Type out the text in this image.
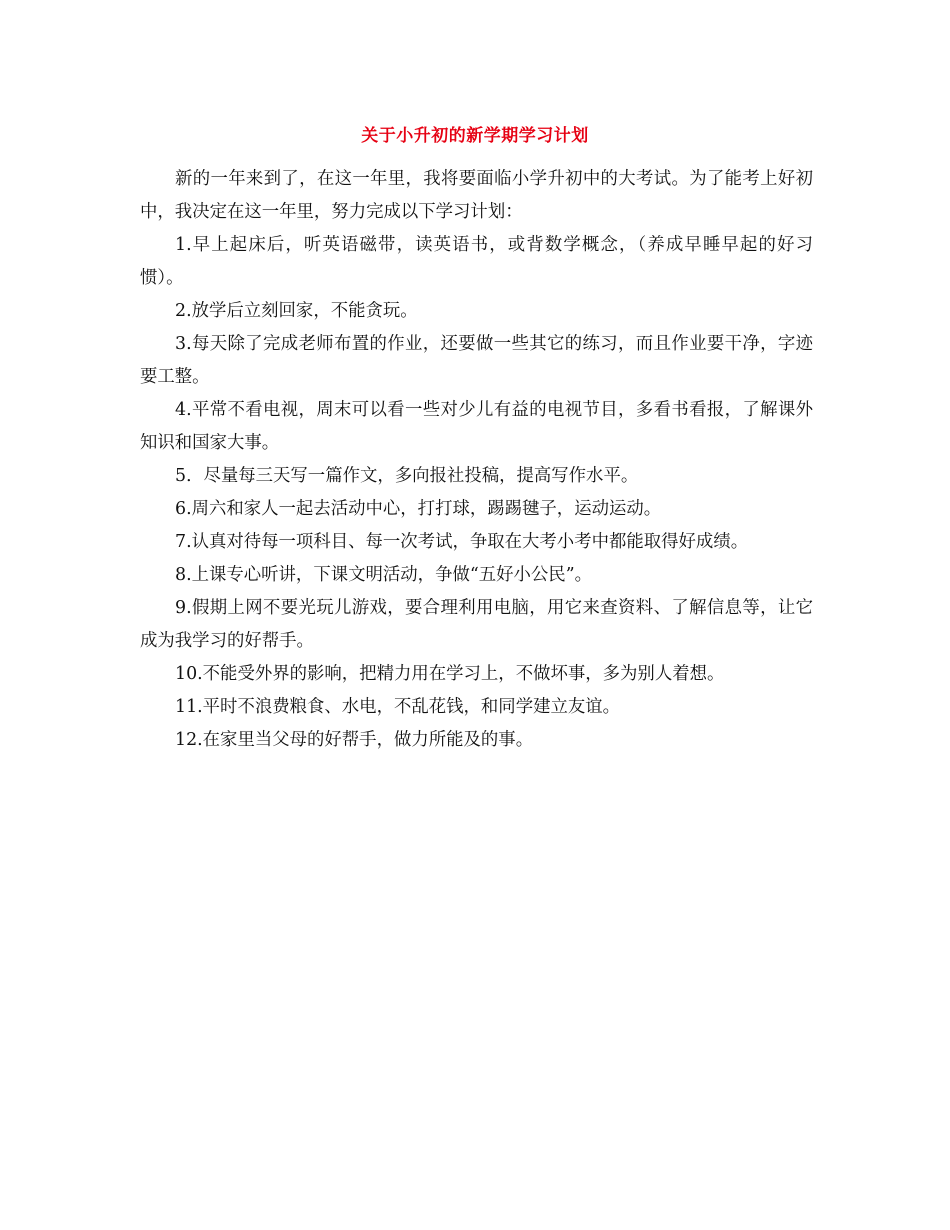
关于小升初的新学期学习计划

新的一年来到了，在这一年里，我将要面临小学升初中的大考试。为了能考上好初中，我决定在这一年里，努力完成以下学习计划：

1.早上起床后，听英语磁带，读英语书，或背数学概念，（养成早睡早起的好习惯）。

2.放学后立刻回家，不能贪玩。

3.每天除了完成老师布置的作业，还要做一些其它的练习，而且作业要干净，字迹要工整。

4.平常不看电视，周末可以看一些对少儿有益的电视节目，多看书看报，了解课外知识和国家大事。

5．尽量每三天写一篇作文，多向报社投稿，提高写作水平。

6.周六和家人一起去活动中心，打打球，踢踢毽子，运动运动。

7.认真对待每一项科目、每一次考试，争取在大考小考中都能取得好成绩。

8.上课专心听讲，下课文明活动，争做“五好小公民”。

9.假期上网不要光玩儿游戏，要合理利用电脑，用它来查资料、了解信息等，让它成为我学习的好帮手。

10.不能受外界的影响，把精力用在学习上，不做坏事，多为别人着想。

11.平时不浪费粮食、水电，不乱花钱，和同学建立友谊。

12.在家里当父母的好帮手，做力所能及的事。
